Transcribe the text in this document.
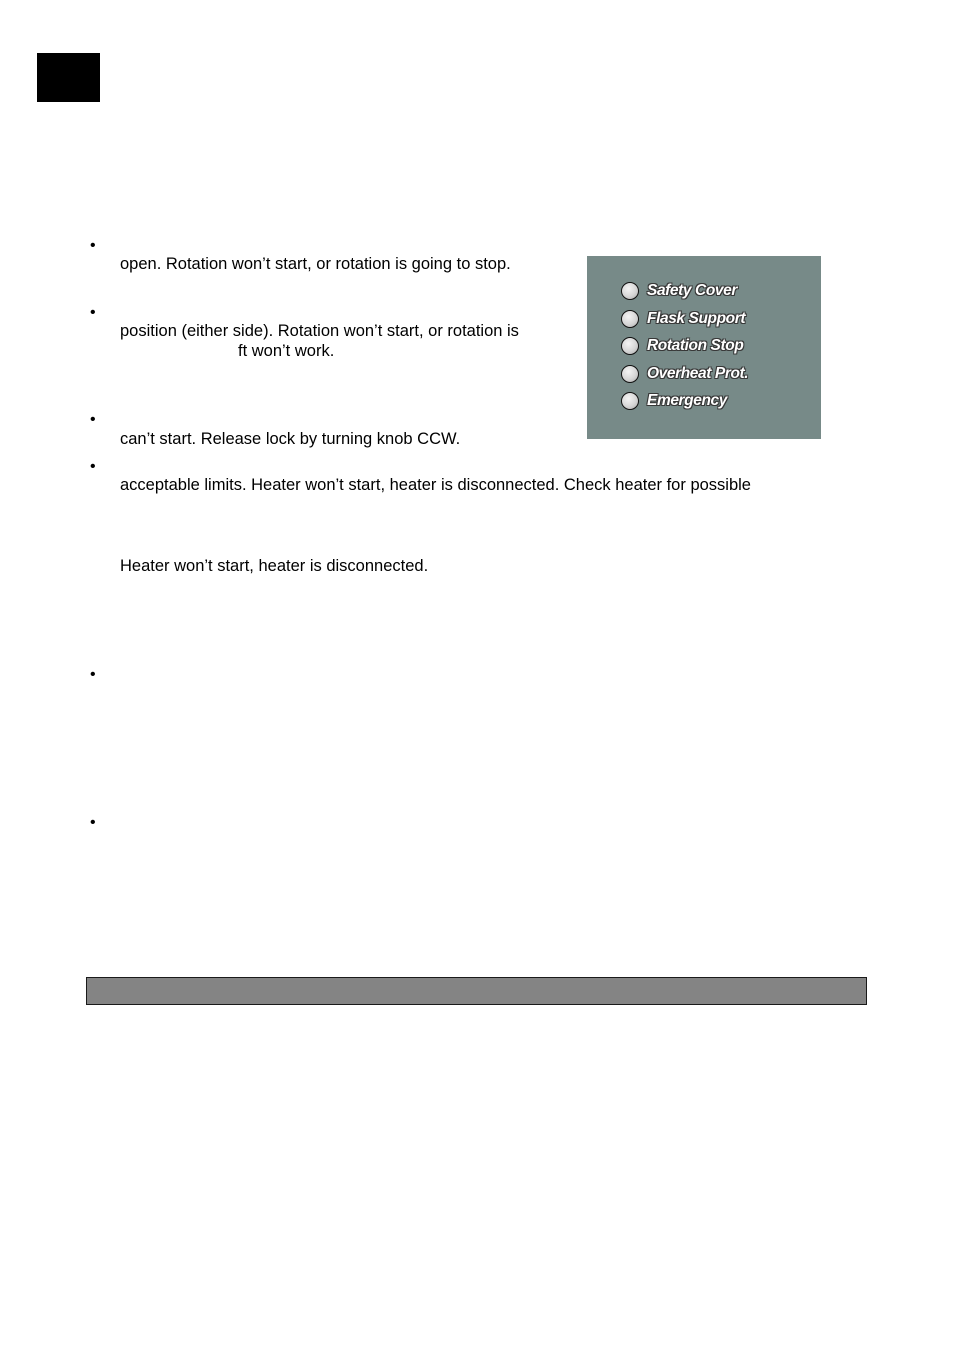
•
open. Rotation won’t start, or rotation is going to stop.
•
position (either side). Rotation won’t start, or rotation is
ft won’t work.
•
can’t start. Release lock by turning knob CCW.
•
acceptable limits. Heater won’t start, heater is disconnected. Check heater for possible
Heater won’t start, heater is disconnected.
•
•
Safety Cover
Flask Support
Rotation Stop
Overheat Prot.
Emergency
